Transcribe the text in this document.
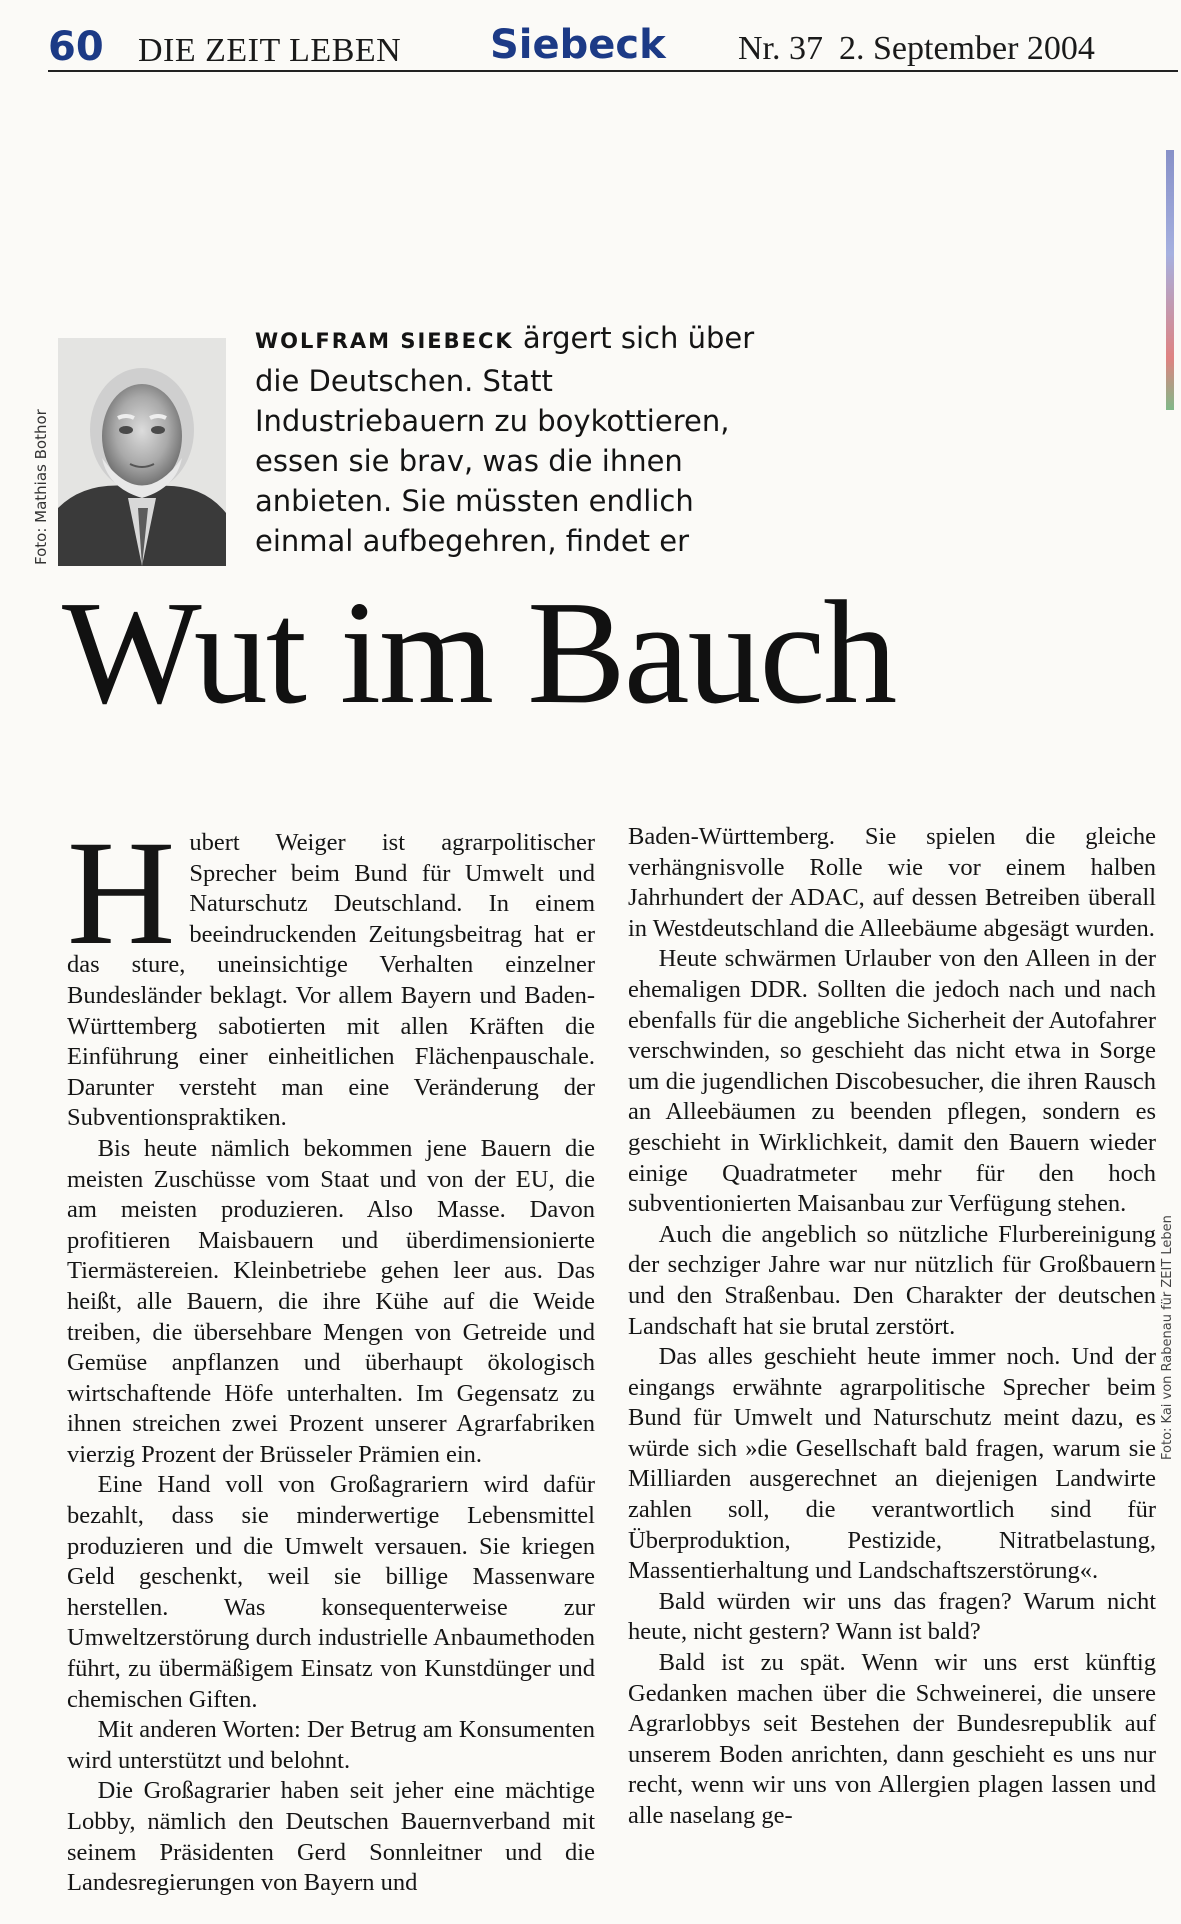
60 DIE ZEIT LEBEN Siebeck Nr. 37 2. September 2004
Foto: Mathias Bothor
WOLFRAM SIEBECK ärgert sich über die Deutschen. Statt Industriebauern zu boykottieren, essen sie brav, was die ihnen anbieten. Sie müssten endlich einmal aufbegehren, findet er
Wut im Bauch

Hubert Weiger ist agrarpolitischer Sprecher beim Bund für Umwelt und Naturschutz Deutschland. In einem beeindruckenden Zeitungsbeitrag hat er das sture, uneinsichtige Verhalten einzelner Bundesländer beklagt. Vor allem Bayern und Baden-Württemberg sabotierten mit allen Kräften die Einführung einer einheitlichen Flächenpauschale. Darunter versteht man eine Veränderung der Subventionspraktiken.

Bis heute nämlich bekommen jene Bauern die meisten Zuschüsse vom Staat und von der EU, die am meisten produzieren. Also Masse. Davon profitieren Maisbauern und überdimensionierte Tiermästereien. Kleinbetriebe gehen leer aus. Das heißt, alle Bauern, die ihre Kühe auf die Weide treiben, die übersehbare Mengen von Getreide und Gemüse anpflanzen und überhaupt ökologisch wirtschaftende Höfe unterhalten. Im Gegensatz zu ihnen streichen zwei Prozent unserer Agrarfabriken vierzig Prozent der Brüsseler Prämien ein.

Eine Hand voll von Großagrariern wird dafür bezahlt, dass sie minderwertige Lebensmittel produzieren und die Umwelt versauen. Sie kriegen Geld geschenkt, weil sie billige Massenware herstellen. Was konsequenterweise zur Umweltzerstörung durch industrielle Anbaumethoden führt, zu übermäßigem Einsatz von Kunstdünger und chemischen Giften.

Mit anderen Worten: Der Betrug am Konsumenten wird unterstützt und belohnt.

Die Großagrarier haben seit jeher eine mächtige Lobby, nämlich den Deutschen Bauernverband mit seinem Präsidenten Gerd Sonnleitner und die Landesregierungen von Bayern und

Baden-Württemberg. Sie spielen die gleiche verhängnisvolle Rolle wie vor einem halben Jahrhundert der ADAC, auf dessen Betreiben überall in Westdeutschland die Alleebäume abgesägt wurden.

Heute schwärmen Urlauber von den Alleen in der ehemaligen DDR. Sollten die jedoch nach und nach ebenfalls für die angebliche Sicherheit der Autofahrer verschwinden, so geschieht das nicht etwa in Sorge um die jugendlichen Discobesucher, die ihren Rausch an Alleebäumen zu beenden pflegen, sondern es geschieht in Wirklichkeit, damit den Bauern wieder einige Quadratmeter mehr für den hoch subventionierten Maisanbau zur Verfügung stehen.

Auch die angeblich so nützliche Flurbereinigung der sechziger Jahre war nur nützlich für Großbauern und den Straßenbau. Den Charakter der deutschen Landschaft hat sie brutal zerstört.

Das alles geschieht heute immer noch. Und der eingangs erwähnte agrarpolitische Sprecher beim Bund für Umwelt und Naturschutz meint dazu, es würde sich »die Gesellschaft bald fragen, warum sie Milliarden ausgerechnet an diejenigen Landwirte zahlen soll, die verantwortlich sind für Überproduktion, Pestizide, Nitratbelastung, Massentierhaltung und Landschaftszerstörung«.

Bald würden wir uns das fragen? Warum nicht heute, nicht gestern? Wann ist bald?

Bald ist zu spät. Wenn wir uns erst künftig Gedanken machen über die Schweinerei, die unsere Agrarlobbys seit Bestehen der Bundesrepublik auf unserem Boden anrichten, dann geschieht es uns nur recht, wenn wir uns von Allergien plagen lassen und alle naselang ge-

Foto: Kai von Rabenau für ZEIT Leben
